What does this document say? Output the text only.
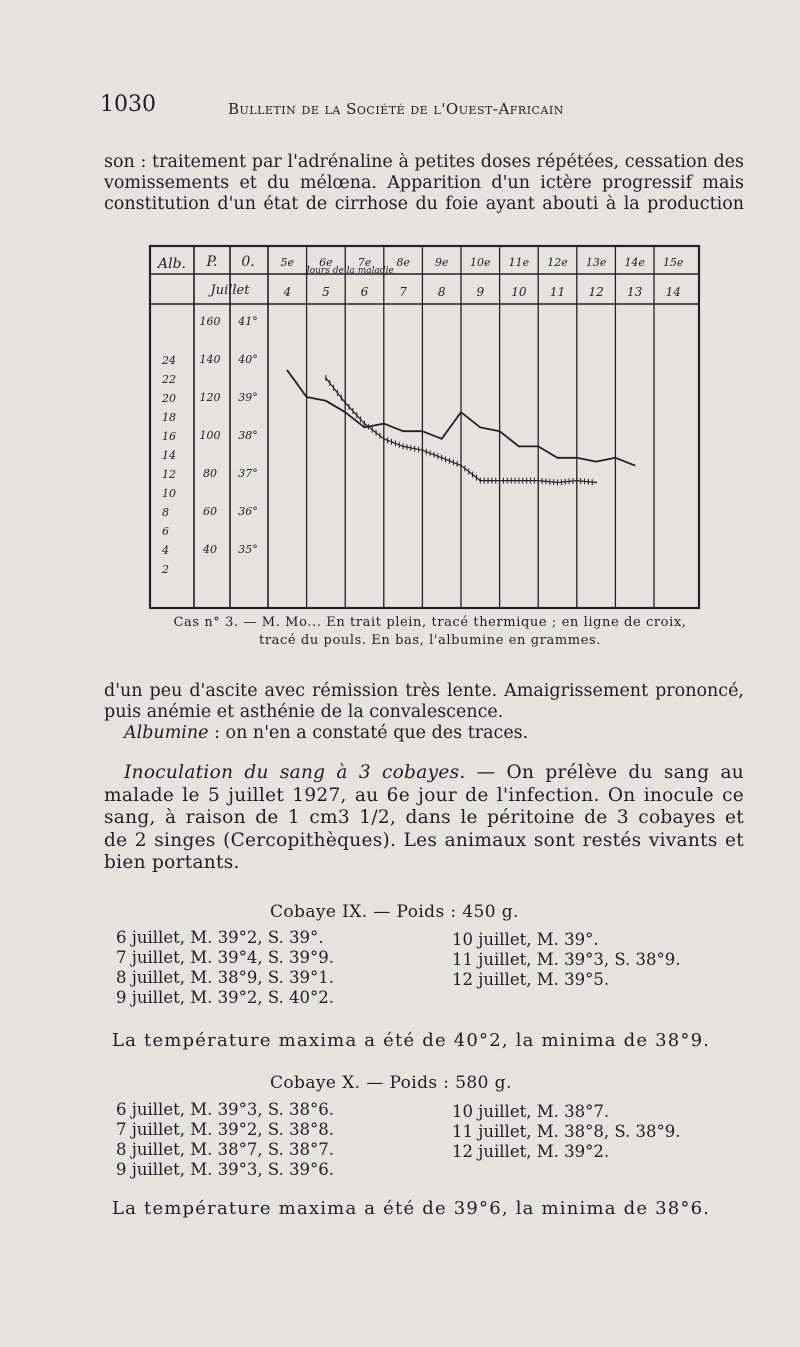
1030	Bulletin de la Société de l'Ouest-Africain
son : traitement par l'adrénaline à petites doses répétées, cessation des
vomissements et du mélœna. Apparition d'un ictère progressif mais
constitution d'un état de cirrhose du foie ayant abouti à la production
Alb. P. 0.
Juillet
5e 6e 7e 8e 9e 10e 11e 12e 13e 14e 15e
4	5	6	7	8	9 10 11 12 13 14
Jours de la maladie
41°
40°
39°
38°
37°
36°
35°
160
140
120
100
80
60
40
24
22
20
18
16
14
12
10
8
6
4
2
Cas n° 3. — M. Mo... En trait plein, tracé thermique ; en ligne de croix,
tracé du pouls. En bas, l'albumine en grammes.
d'un peu d'ascite avec rémission très lente. Amaigrissement prononcé,
puis anémie et asthénie de la convalescence.
Albumine : on n'en a constaté que des traces.
Inoculation du sang à 3 cobayes. — On prélève du sang au
malade le 5 juillet 1927, au 6e jour de l'infection. On inocule ce
sang, à raison de 1 cm3 1/2, dans le péritoine de 3 cobayes et
de 2 singes (Cercopithèques). Les animaux sont restés vivants et
bien portants.
Cobaye IX. — Poids : 450 g.
6 juillet, M. 39°2, S. 39°.
7 juillet, M. 39°4, S. 39°9.
8 juillet, M. 38°9, S. 39°1.
9 juillet, M. 39°2, S. 40°2.
10 juillet, M. 39°.
11 juillet, M. 39°3, S. 38°9.
12 juillet, M. 39°5.
La température maxima a été de 40°2, la minima de 38°9.
Cobaye X. — Poids : 580 g.
6 juillet, M. 39°3, S. 38°6.
7 juillet, M. 39°2, S. 38°8.
8 juillet, M. 38°7, S. 38°7.
9 juillet, M. 39°3, S. 39°6.
10 juillet, M. 38°7.
11 juillet, M. 38°8, S. 38°9.
12 juillet, M. 39°2.
La température maxima a été de 39°6, la minima de 38°6.
